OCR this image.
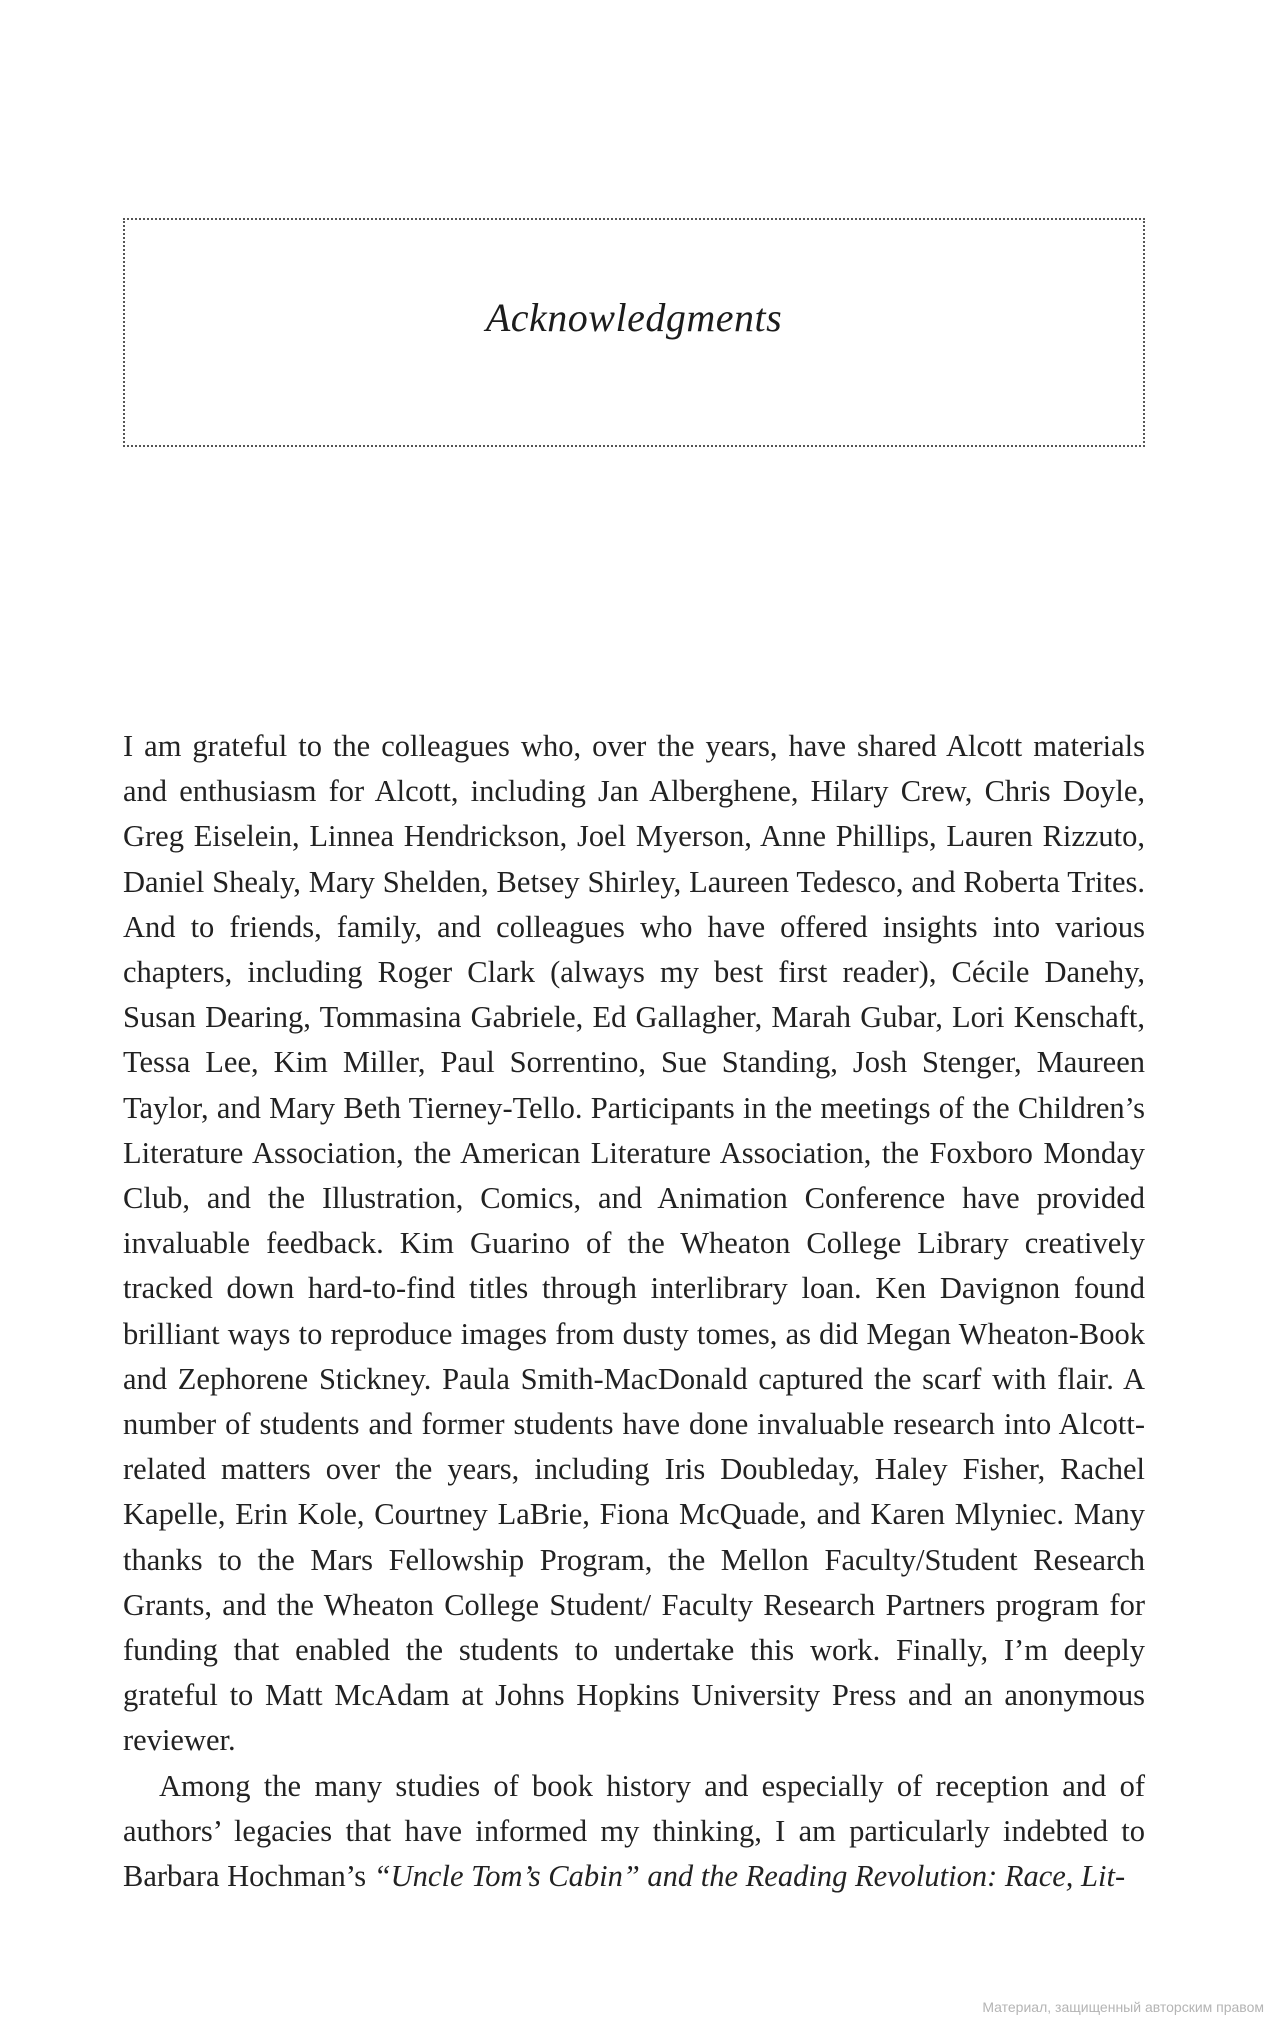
Acknowledgments

I am grateful to the colleagues who, over the years, have shared Alcott materials and enthusiasm for Alcott, including Jan Alberghene, Hilary Crew, Chris Doyle, Greg Eiselein, Linnea Hendrickson, Joel Myerson, Anne Phillips, Lauren Rizzuto, Daniel Shealy, Mary Shelden, Betsey Shirley, Laureen Tedesco, and Roberta Trites. And to friends, family, and colleagues who have offered insights into various chapters, including Roger Clark (always my best first reader), Cécile Danehy, Susan Dearing, Tommasina Gabriele, Ed Gallagher, Marah Gubar, Lori Kenschaft, Tessa Lee, Kim Miller, Paul Sorrentino, Sue Standing, Josh Stenger, Maureen Taylor, and Mary Beth Tierney-Tello. Participants in the meetings of the Children’s Literature Association, the American Literature Association, the Foxboro Monday Club, and the Illustration, Comics, and Animation Conference have provided invaluable feedback. Kim Guarino of the Wheaton College Library creatively tracked down hard-to-find titles through interlibrary loan. Ken Davignon found brilliant ways to reproduce images from dusty tomes, as did Megan Wheaton-Book and Zephorene Stickney. Paula Smith-MacDonald captured the scarf with flair. A number of students and former students have done invaluable research into Alcott-related matters over the years, including Iris Doubleday, Haley Fisher, Rachel Kapelle, Erin Kole, Courtney LaBrie, Fiona McQuade, and Karen Mlyniec. Many thanks to the Mars Fellowship Program, the Mellon Faculty/Student Research Grants, and the Wheaton College Student/ Faculty Research Partners program for funding that enabled the students to undertake this work. Finally, I’m deeply grateful to Matt McAdam at Johns Hopkins University Press and an anonymous reviewer.

Among the many studies of book history and especially of reception and of authors’ legacies that have informed my thinking, I am particularly indebted to Barbara Hochman’s “Uncle Tom’s Cabin” and the Reading Revolution: Race, Lit-

Материал, защищенный авторским правом
